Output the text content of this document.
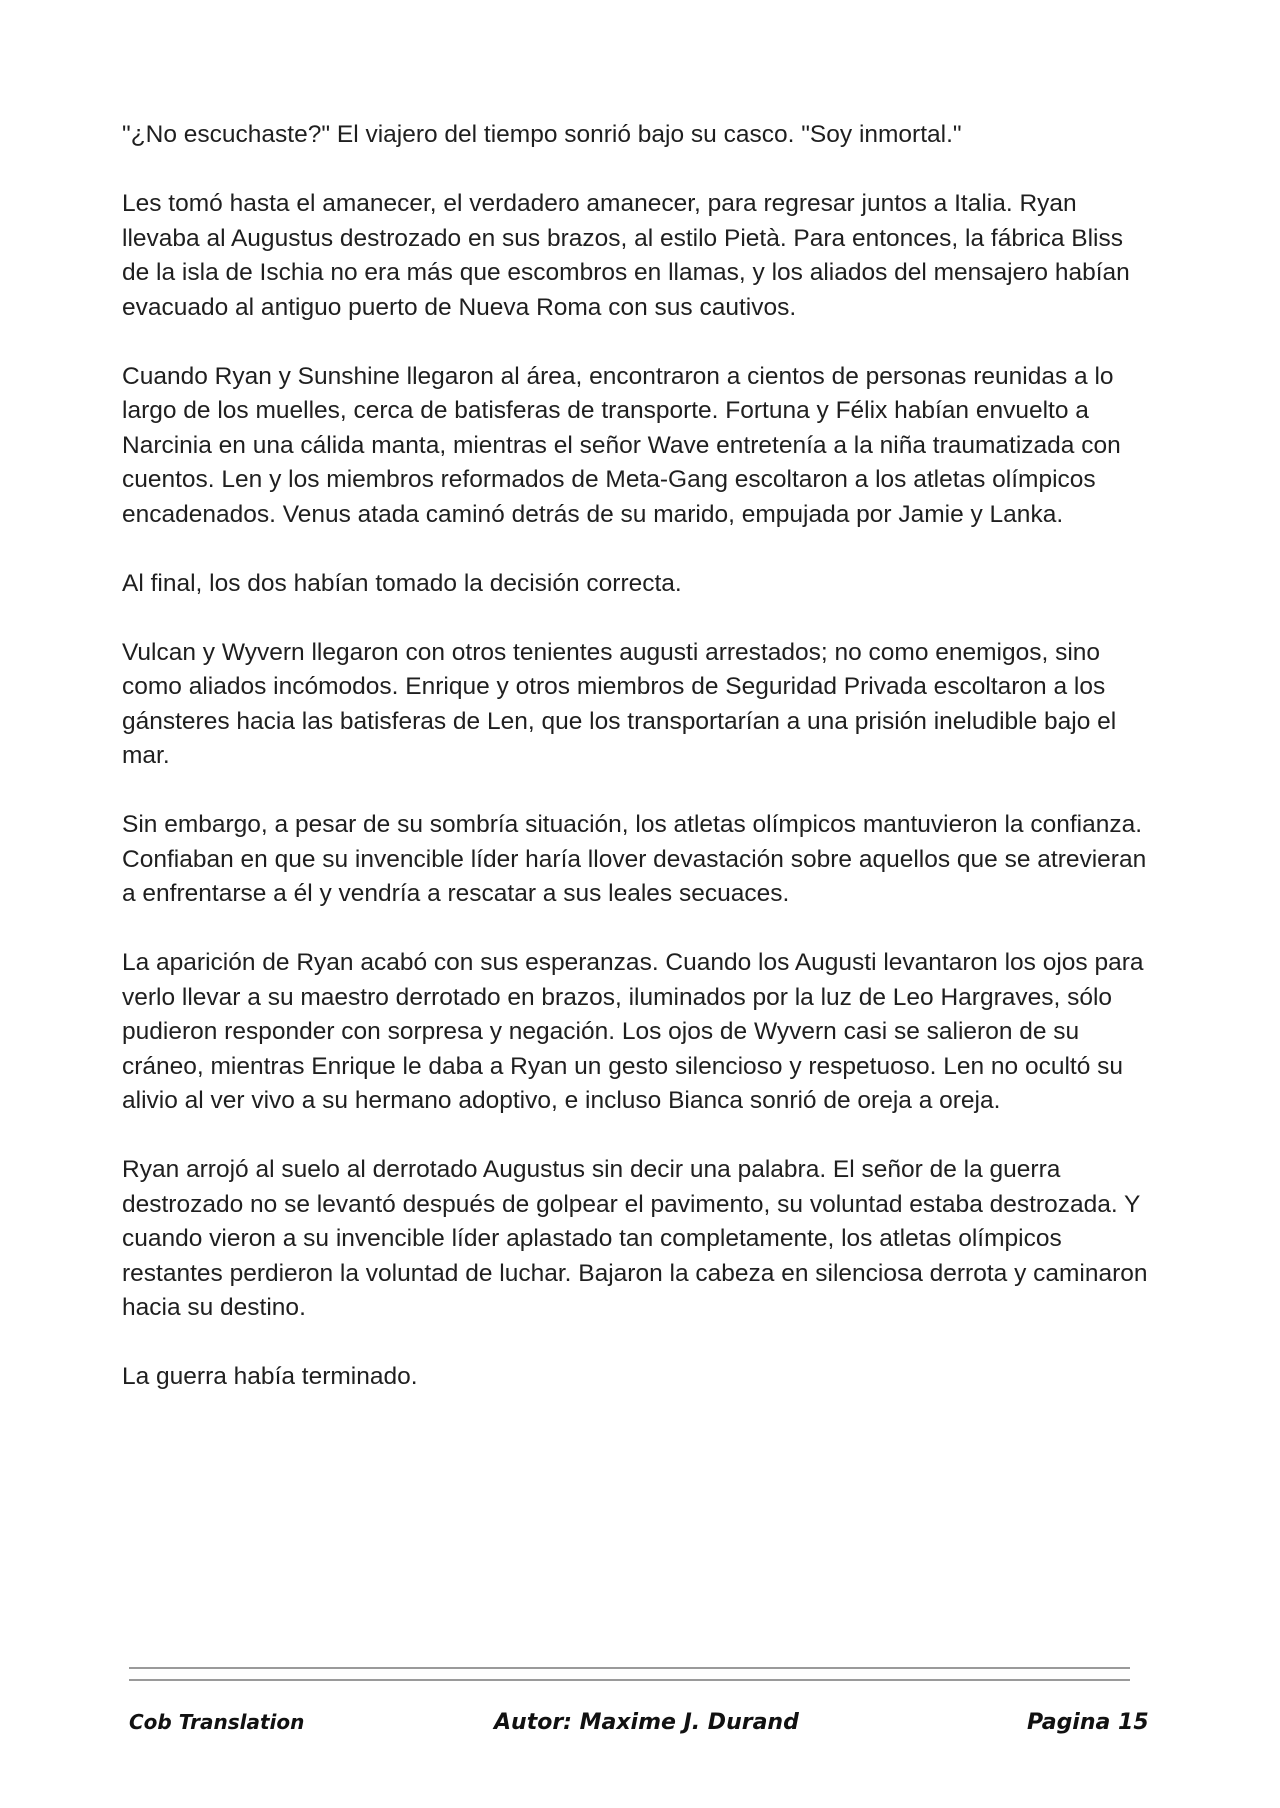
"¿No escuchaste?" El viajero del tiempo sonrió bajo su casco. "Soy inmortal."

Les tomó hasta el amanecer, el verdadero amanecer, para regresar juntos a Italia. Ryan llevaba al Augustus destrozado en sus brazos, al estilo Pietà. Para entonces, la fábrica Bliss de la isla de Ischia no era más que escombros en llamas, y los aliados del mensajero habían evacuado al antiguo puerto de Nueva Roma con sus cautivos.

Cuando Ryan y Sunshine llegaron al área, encontraron a cientos de personas reunidas a lo largo de los muelles, cerca de batisferas de transporte. Fortuna y Félix habían envuelto a Narcinia en una cálida manta, mientras el señor Wave entretenía a la niña traumatizada con cuentos. Len y los miembros reformados de Meta-Gang escoltaron a los atletas olímpicos encadenados. Venus atada caminó detrás de su marido, empujada por Jamie y Lanka.

Al final, los dos habían tomado la decisión correcta.

Vulcan y Wyvern llegaron con otros tenientes augusti arrestados; no como enemigos, sino como aliados incómodos. Enrique y otros miembros de Seguridad Privada escoltaron a los gánsteres hacia las batisferas de Len, que los transportarían a una prisión ineludible bajo el mar.

Sin embargo, a pesar de su sombría situación, los atletas olímpicos mantuvieron la confianza. Confiaban en que su invencible líder haría llover devastación sobre aquellos que se atrevieran a enfrentarse a él y vendría a rescatar a sus leales secuaces.

La aparición de Ryan acabó con sus esperanzas. Cuando los Augusti levantaron los ojos para verlo llevar a su maestro derrotado en brazos, iluminados por la luz de Leo Hargraves, sólo pudieron responder con sorpresa y negación. Los ojos de Wyvern casi se salieron de su cráneo, mientras Enrique le daba a Ryan un gesto silencioso y respetuoso. Len no ocultó su alivio al ver vivo a su hermano adoptivo, e incluso Bianca sonrió de oreja a oreja.

Ryan arrojó al suelo al derrotado Augustus sin decir una palabra. El señor de la guerra destrozado no se levantó después de golpear el pavimento, su voluntad estaba destrozada. Y cuando vieron a su invencible líder aplastado tan completamente, los atletas olímpicos restantes perdieron la voluntad de luchar. Bajaron la cabeza en silenciosa derrota y caminaron hacia su destino.

La guerra había terminado.

Cob Translation	Autor: Maxime J. Durand	Pagina 15
